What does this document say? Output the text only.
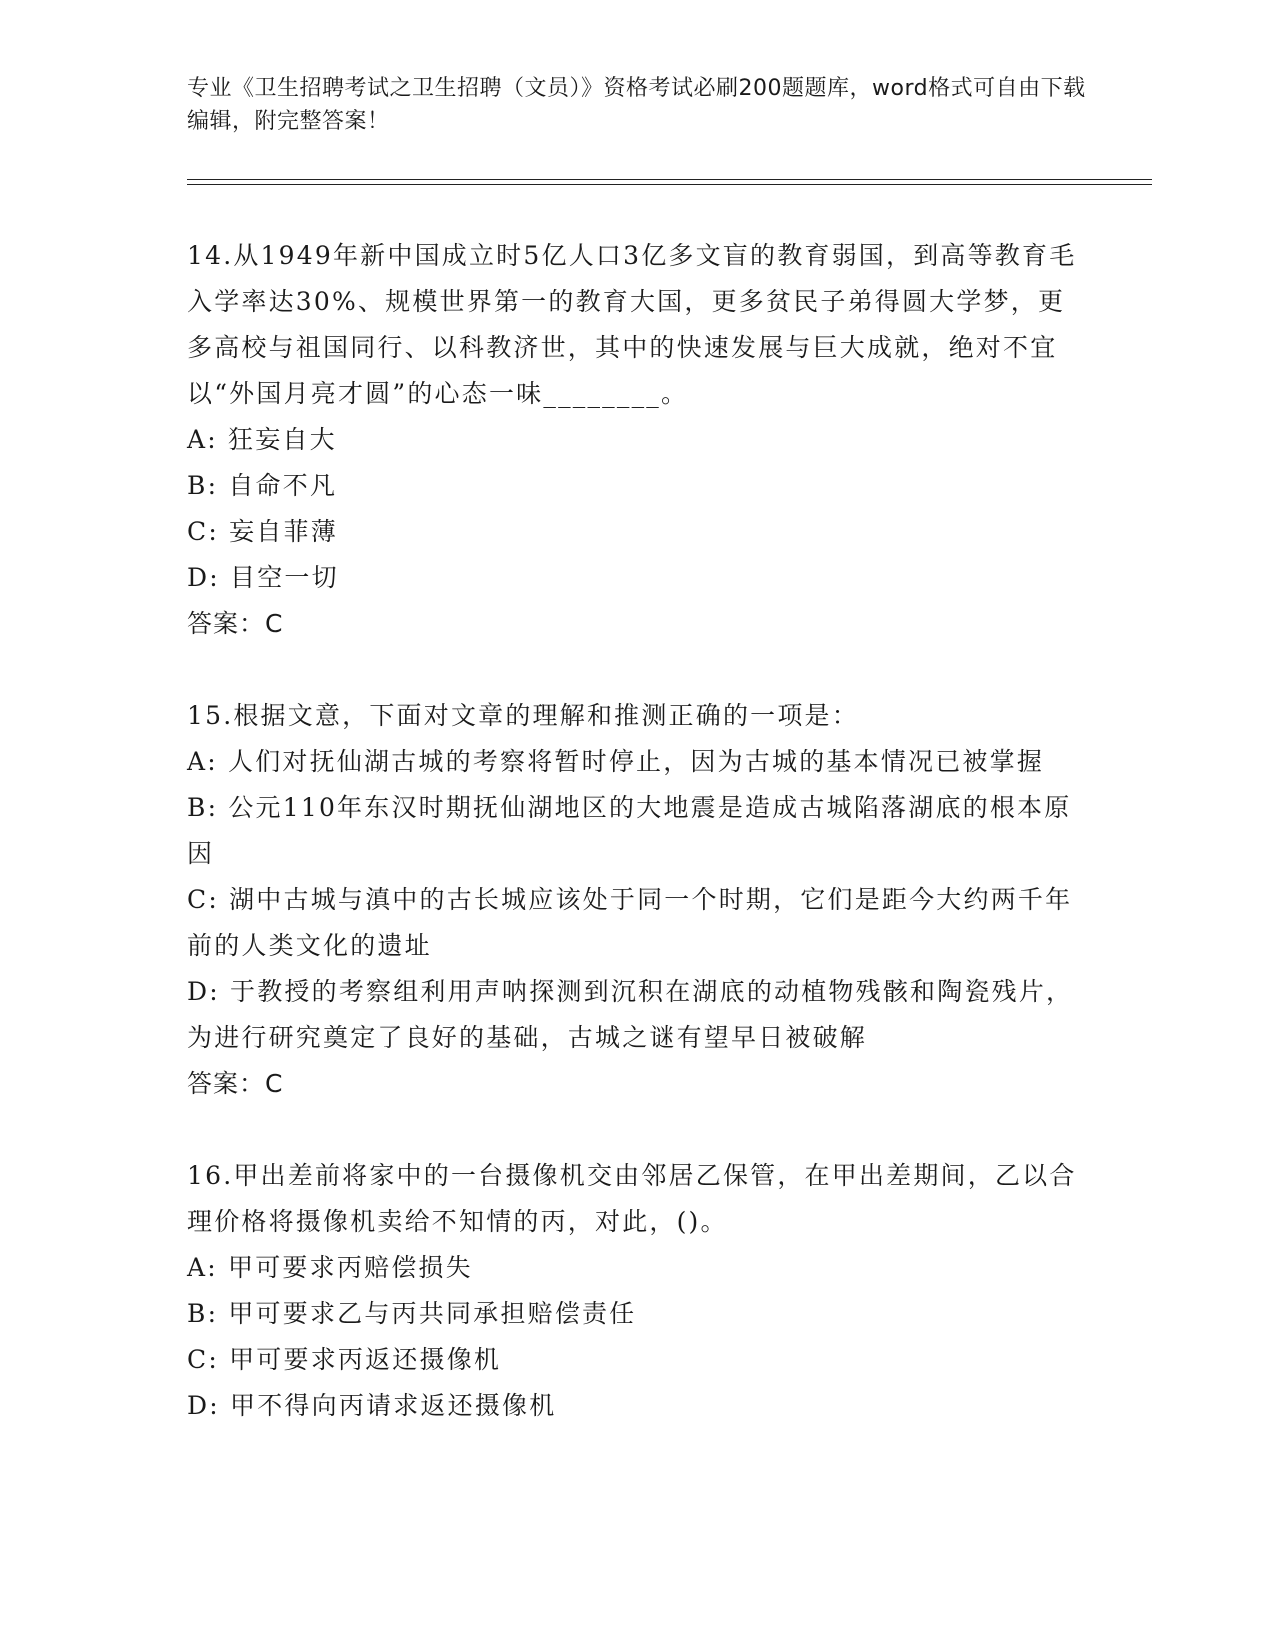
专业《卫生招聘考试之卫生招聘（文员）》资格考试必刷200题题库，word格式可自由下载编辑，附完整答案！

14.从1949年新中国成立时5亿人口3亿多文盲的教育弱国，到高等教育毛入学率达30%、规模世界第一的教育大国，更多贫民子弟得圆大学梦，更多高校与祖国同行、以科教济世，其中的快速发展与巨大成就，绝对不宜以“外国月亮才圆”的心态一味________。

A: 狂妄自大

B: 自命不凡

C: 妄自菲薄

D: 目空一切

答案：C

15.根据文意，下面对文章的理解和推测正确的一项是：

A: 人们对抚仙湖古城的考察将暂时停止，因为古城的基本情况已被掌握

B: 公元110年东汉时期抚仙湖地区的大地震是造成古城陷落湖底的根本原因

C: 湖中古城与滇中的古长城应该处于同一个时期，它们是距今大约两千年前的人类文化的遗址

D: 于教授的考察组利用声呐探测到沉积在湖底的动植物残骸和陶瓷残片，为进行研究奠定了良好的基础，古城之谜有望早日被破解

答案：C

16.甲出差前将家中的一台摄像机交由邻居乙保管，在甲出差期间，乙以合理价格将摄像机卖给不知情的丙，对此，()。

A: 甲可要求丙赔偿损失

B: 甲可要求乙与丙共同承担赔偿责任

C: 甲可要求丙返还摄像机

D: 甲不得向丙请求返还摄像机
